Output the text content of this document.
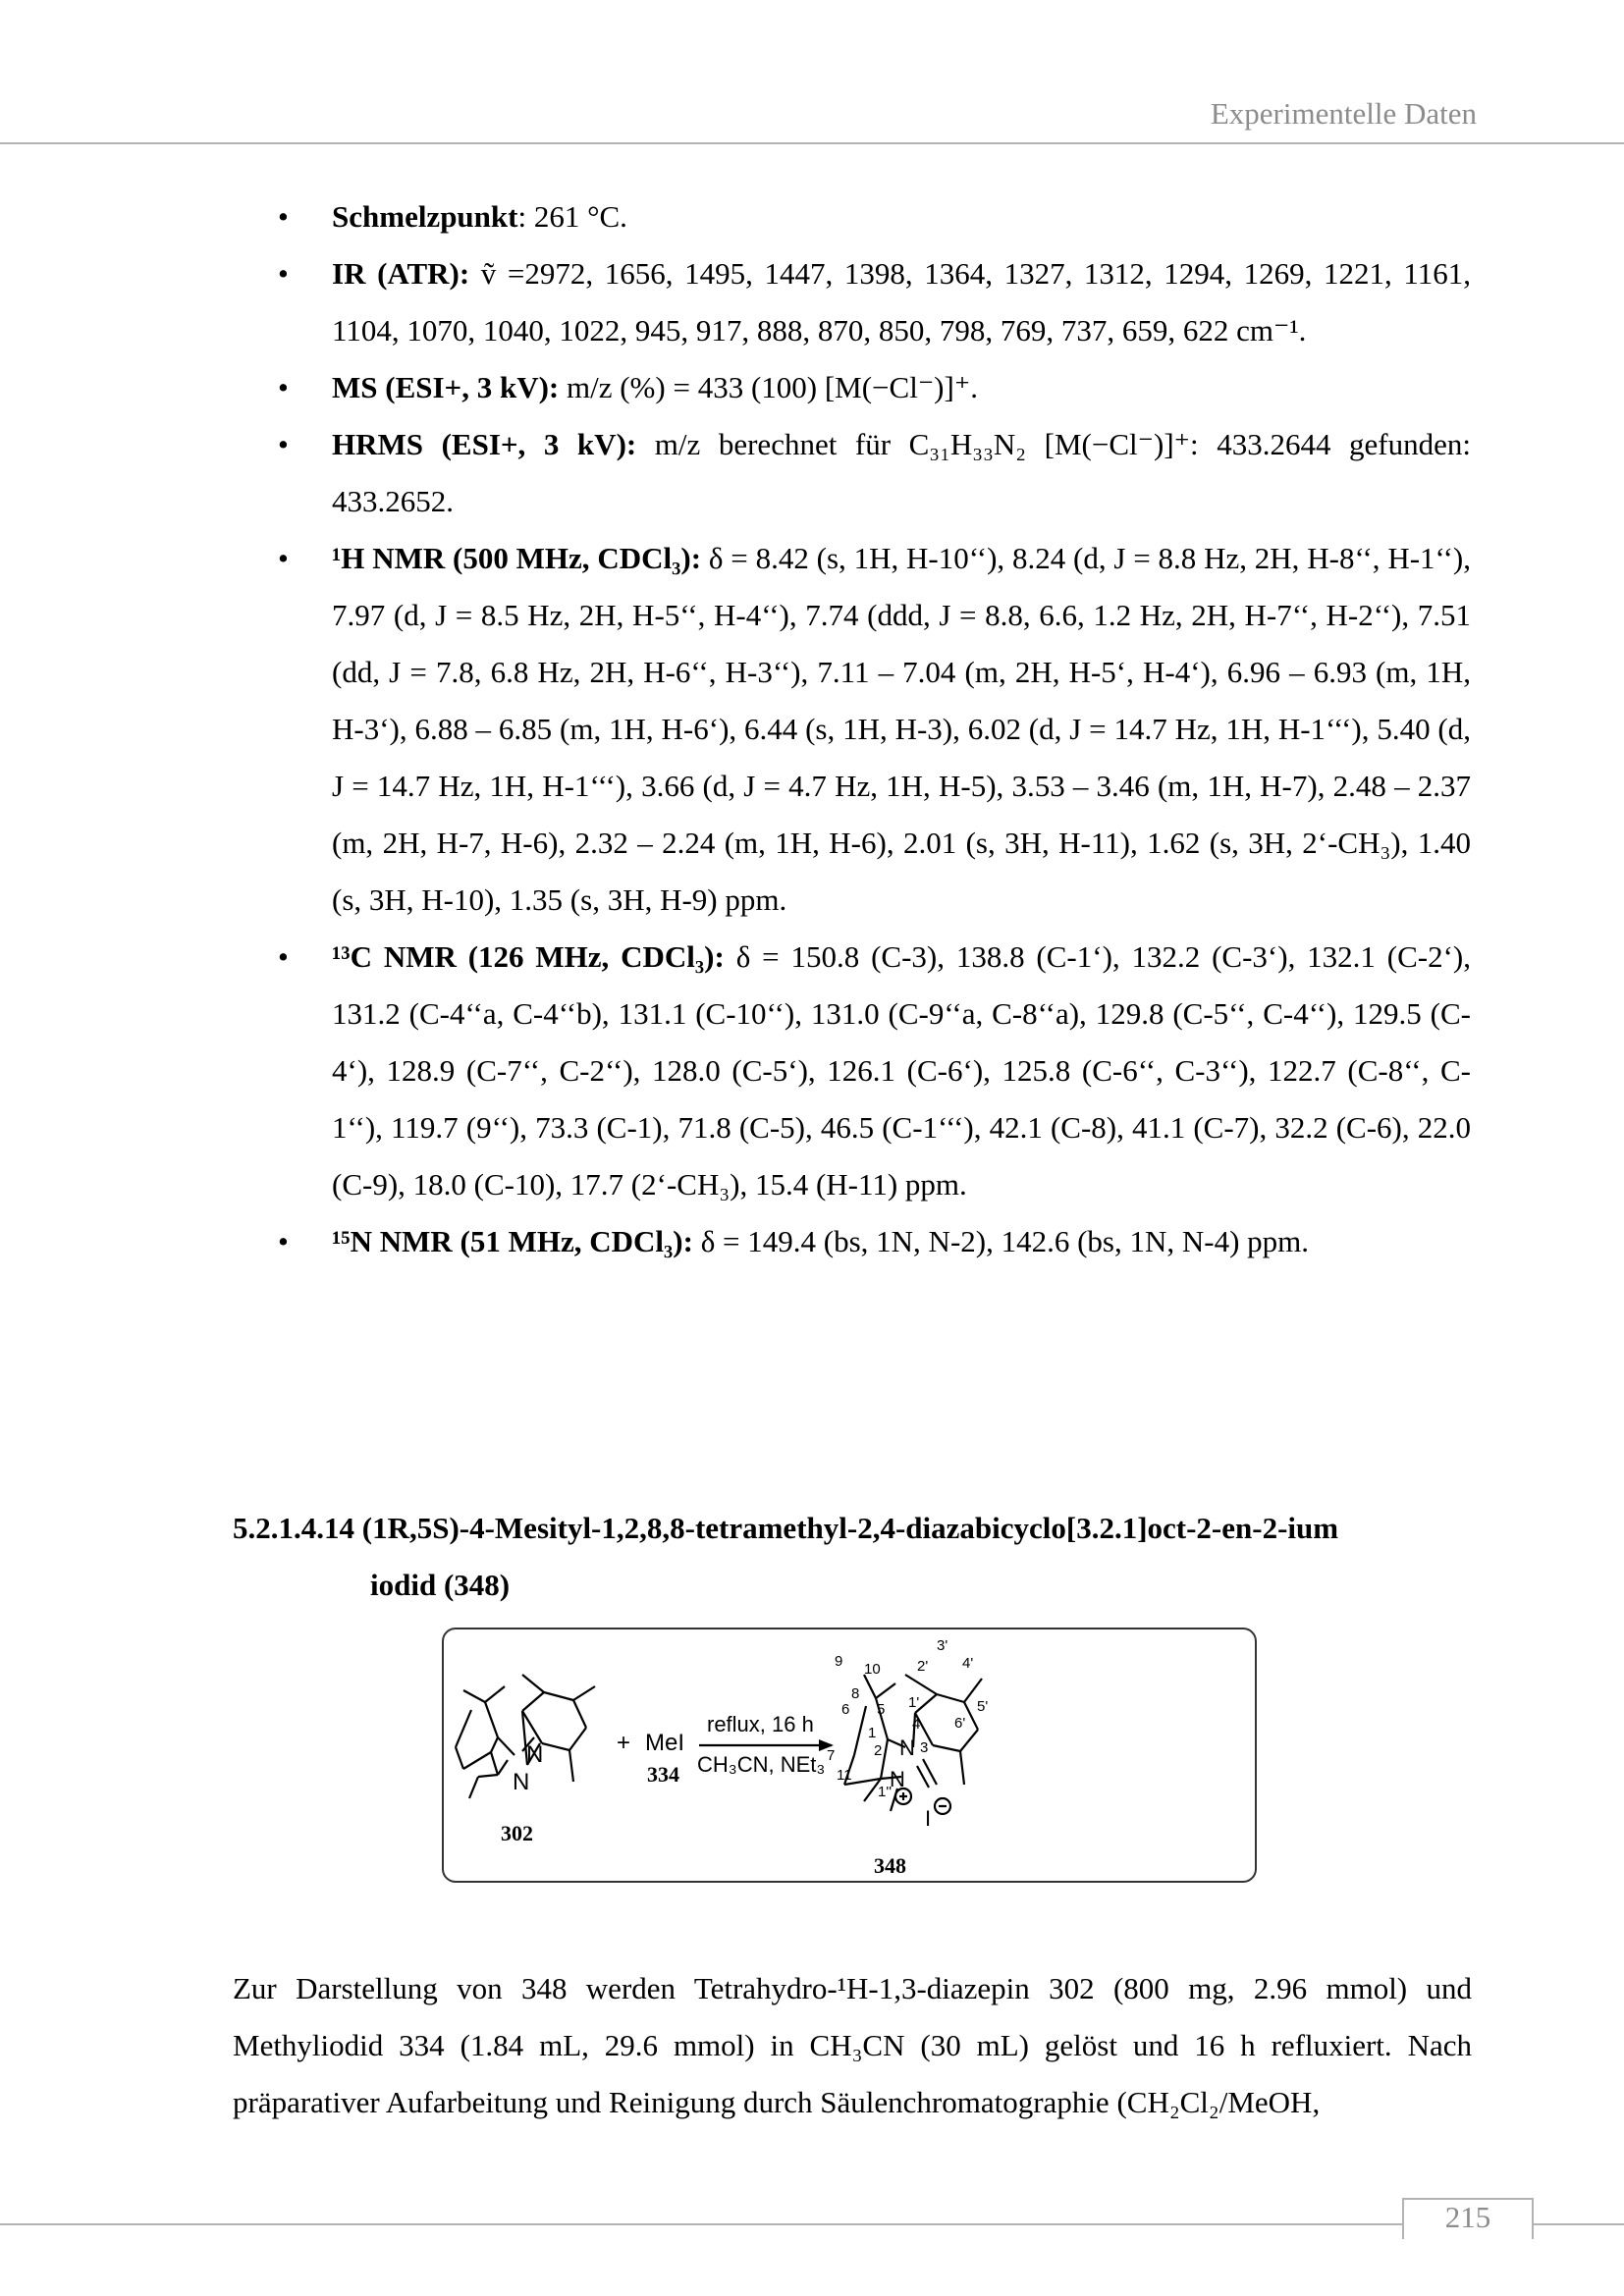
Experimentelle Daten
• Schmelzpunkt: 261 °C.
• IR (ATR): ṽ =2972, 1656, 1495, 1447, 1398, 1364, 1327, 1312, 1294, 1269, 1221, 1161, 1104, 1070, 1040, 1022, 945, 917, 888, 870, 850, 798, 769, 737, 659, 622 cm⁻¹.
• MS (ESI+, 3 kV): m/z (%) = 433 (100) [M(−Cl⁻)]⁺.
• HRMS (ESI+, 3 kV): m/z berechnet für C₃₁H₃₃N₂ [M(−Cl⁻)]⁺: 433.2644 gefunden: 433.2652.
• ¹H NMR (500 MHz, CDCl₃): δ = 8.42 (s, 1H, H-10‘‘), 8.24 (d, J = 8.8 Hz, 2H, H-8‘‘, H-1‘‘), 7.97 (d, J = 8.5 Hz, 2H, H-5‘‘, H-4‘‘), 7.74 (ddd, J = 8.8, 6.6, 1.2 Hz, 2H, H-7‘‘, H-2‘‘), 7.51 (dd, J = 7.8, 6.8 Hz, 2H, H-6‘‘, H-3‘‘), 7.11 – 7.04 (m, 2H, H-5‘, H-4‘), 6.96 – 6.93 (m, 1H, H-3‘), 6.88 – 6.85 (m, 1H, H-6‘), 6.44 (s, 1H, H-3), 6.02 (d, J = 14.7 Hz, 1H, H-1‘‘‘), 5.40 (d, J = 14.7 Hz, 1H, H-1‘‘‘), 3.66 (d, J = 4.7 Hz, 1H, H-5), 3.53 – 3.46 (m, 1H, H-7), 2.48 – 2.37 (m, 2H, H-7, H-6), 2.32 – 2.24 (m, 1H, H-6), 2.01 (s, 3H, H-11), 1.62 (s, 3H, 2‘-CH₃), 1.40 (s, 3H, H-10), 1.35 (s, 3H, H-9) ppm.
• ¹³C NMR (126 MHz, CDCl₃): δ = 150.8 (C-3), 138.8 (C-1‘), 132.2 (C-3‘), 132.1 (C-2‘), 131.2 (C-4‘‘a, C-4‘‘b), 131.1 (C-10‘‘), 131.0 (C-9‘‘a, C-8‘‘a), 129.8 (C-5‘‘, C-4‘‘), 129.5 (C-4‘), 128.9 (C-7‘‘, C-2‘‘), 128.0 (C-5‘), 126.1 (C-6‘), 125.8 (C-6‘‘, C-3‘‘), 122.7 (C-8‘‘, C-1‘‘), 119.7 (9‘‘), 73.3 (C-1), 71.8 (C-5), 46.5 (C-1‘‘‘), 42.1 (C-8), 41.1 (C-7), 32.2 (C-6), 22.0 (C-9), 18.0 (C-10), 17.7 (2‘-CH₃), 15.4 (H-11) ppm.
• ¹⁵N NMR (51 MHz, CDCl₃): δ = 149.4 (bs, 1N, N-2), 142.6 (bs, 1N, N-4) ppm.
5.2.1.4.14 (1R,5S)-4-Mesityl-1,2,8,8-tetramethyl-2,4-diazabicyclo[3.2.1]oct-2-en-2-ium
iodid (348)
N
N
302
+ MeI
334
reflux, 16 h
CH₃CN, NEt₃
N
N
I
9 10
3'
2' 4'
8
1'
6 5	5'
4 6'
1
7	2	3
11
1''
348

Zur Darstellung von 348 werden Tetrahydro-¹H-1,3-diazepin 302 (800 mg, 2.96 mmol) und Methyliodid 334 (1.84 mL, 29.6 mmol) in CH₃CN (30 mL) gelöst und 16 h refluxiert. Nach präparativer Aufarbeitung und Reinigung durch Säulenchromatographie (CH₂Cl₂/MeOH,

215
